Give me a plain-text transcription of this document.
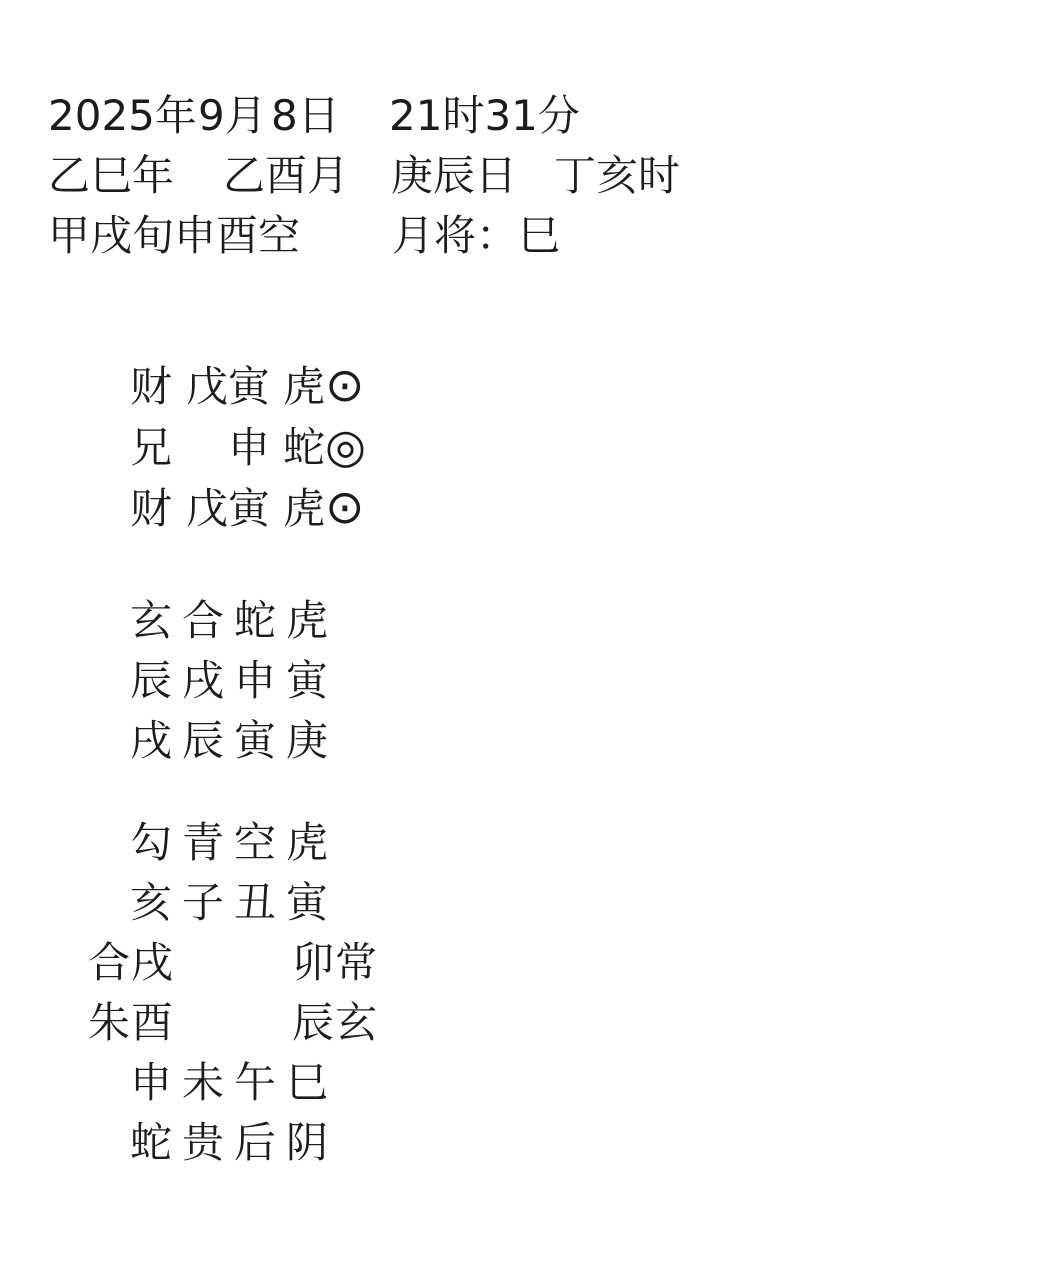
2025年 9月 8日 21时31分
乙巳年 乙酉月 庚辰日 丁亥时
甲戌旬申酉空 月将：巳
财 戊寅 虎 ⊙
兄	申 蛇 ◎
财 戊寅 虎 ⊙
玄 合 蛇 虎
辰 戌 申 寅
戌 辰 寅 庚
勾 青 空 虎
亥 子 丑 寅
合 戌	卯 常
朱 酉	辰 玄
申 未 午 巳
蛇 贵 后 阴
